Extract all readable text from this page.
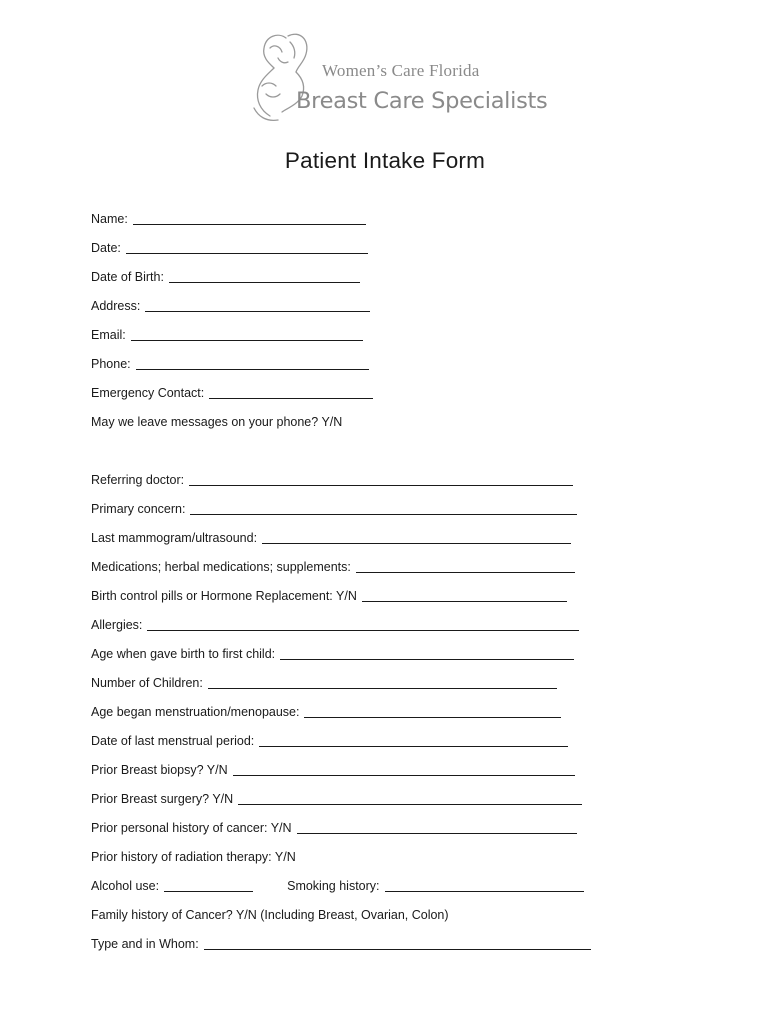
Women’s Care Florida
Breast Care Specialists
Patient Intake Form
Name:
Date:
Date of Birth:
Address:
Email:
Phone:
Emergency Contact:
May we leave messages on your phone? Y/N
Referring doctor:
Primary concern:
Last mammogram/ultrasound:
Medications; herbal medications; supplements:
Birth control pills or Hormone Replacement: Y/N
Allergies:
Age when gave birth to first child:
Number of Children:
Age began menstruation/menopause:
Date of last menstrual period:
Prior Breast biopsy? Y/N
Prior Breast surgery? Y/N
Prior personal history of cancer: Y/N
Prior history of radiation therapy: Y/N
Alcohol use:	Smoking history:
Family history of Cancer? Y/N (Including Breast, Ovarian, Colon)
Type and in Whom:
